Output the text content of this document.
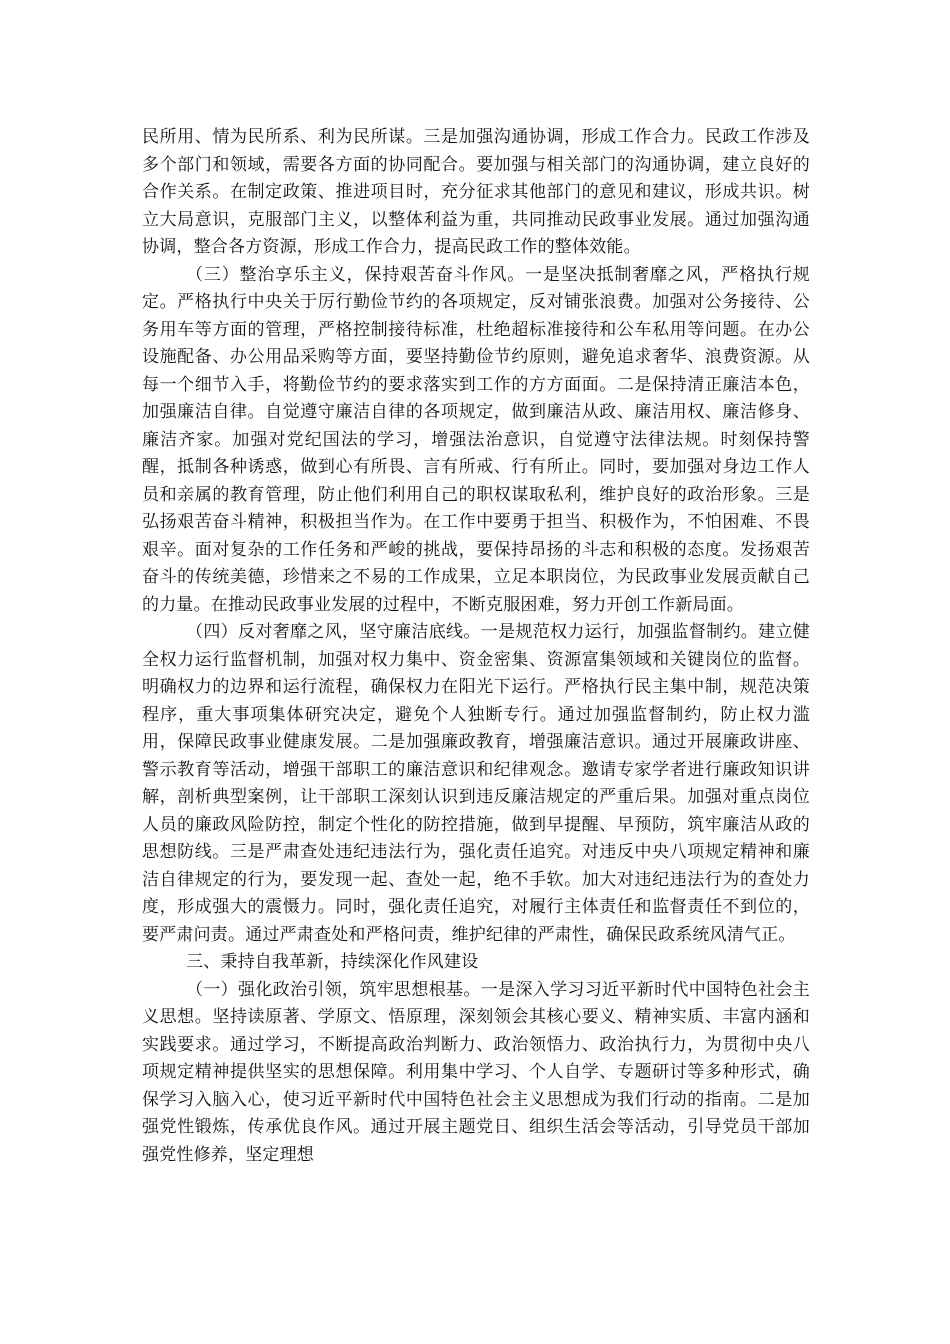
民所用、情为民所系、利为民所谋。三是加强沟通协调，形成工作合力。民政工作涉及多个部门和领域，需要各方面的协同配合。要加强与相关部门的沟通协调，建立良好的合作关系。在制定政策、推进项目时，充分征求其他部门的意见和建议，形成共识。树立大局意识，克服部门主义，以整体利益为重，共同推动民政事业发展。通过加强沟通协调，整合各方资源，形成工作合力，提高民政工作的整体效能。

（三）整治享乐主义，保持艰苦奋斗作风。一是坚决抵制奢靡之风，严格执行规定。严格执行中央关于厉行勤俭节约的各项规定，反对铺张浪费。加强对公务接待、公务用车等方面的管理，严格控制接待标准，杜绝超标准接待和公车私用等问题。在办公设施配备、办公用品采购等方面，要坚持勤俭节约原则，避免追求奢华、浪费资源。从每一个细节入手，将勤俭节约的要求落实到工作的方方面面。二是保持清正廉洁本色，加强廉洁自律。自觉遵守廉洁自律的各项规定，做到廉洁从政、廉洁用权、廉洁修身、廉洁齐家。加强对党纪国法的学习，增强法治意识，自觉遵守法律法规。时刻保持警醒，抵制各种诱惑，做到心有所畏、言有所戒、行有所止。同时，要加强对身边工作人员和亲属的教育管理，防止他们利用自己的职权谋取私利，维护良好的政治形象。三是弘扬艰苦奋斗精神，积极担当作为。在工作中要勇于担当、积极作为，不怕困难、不畏艰辛。面对复杂的工作任务和严峻的挑战，要保持昂扬的斗志和积极的态度。发扬艰苦奋斗的传统美德，珍惜来之不易的工作成果，立足本职岗位，为民政事业发展贡献自己的力量。在推动民政事业发展的过程中，不断克服困难，努力开创工作新局面。

（四）反对奢靡之风，坚守廉洁底线。一是规范权力运行，加强监督制约。建立健全权力运行监督机制，加强对权力集中、资金密集、资源富集领域和关键岗位的监督。明确权力的边界和运行流程，确保权力在阳光下运行。严格执行民主集中制，规范决策程序，重大事项集体研究决定，避免个人独断专行。通过加强监督制约，防止权力滥用，保障民政事业健康发展。二是加强廉政教育，增强廉洁意识。通过开展廉政讲座、警示教育等活动，增强干部职工的廉洁意识和纪律观念。邀请专家学者进行廉政知识讲解，剖析典型案例，让干部职工深刻认识到违反廉洁规定的严重后果。加强对重点岗位人员的廉政风险防控，制定个性化的防控措施，做到早提醒、早预防，筑牢廉洁从政的思想防线。三是严肃查处违纪违法行为，强化责任追究。对违反中央八项规定精神和廉洁自律规定的行为，要发现一起、查处一起，绝不手软。加大对违纪违法行为的查处力度，形成强大的震慑力。同时，强化责任追究，对履行主体责任和监督责任不到位的，要严肃问责。通过严肃查处和严格问责，维护纪律的严肃性，确保民政系统风清气正。

三、秉持自我革新，持续深化作风建设

（一）强化政治引领，筑牢思想根基。一是深入学习习近平新时代中国特色社会主义思想。坚持读原著、学原文、悟原理，深刻领会其核心要义、精神实质、丰富内涵和实践要求。通过学习，不断提高政治判断力、政治领悟力、政治执行力，为贯彻中央八项规定精神提供坚实的思想保障。利用集中学习、个人自学、专题研讨等多种形式，确保学习入脑入心，使习近平新时代中国特色社会主义思想成为我们行动的指南。二是加强党性锻炼，传承优良作风。通过开展主题党日、组织生活会等活动，引导党员干部加强党性修养，坚定理想
